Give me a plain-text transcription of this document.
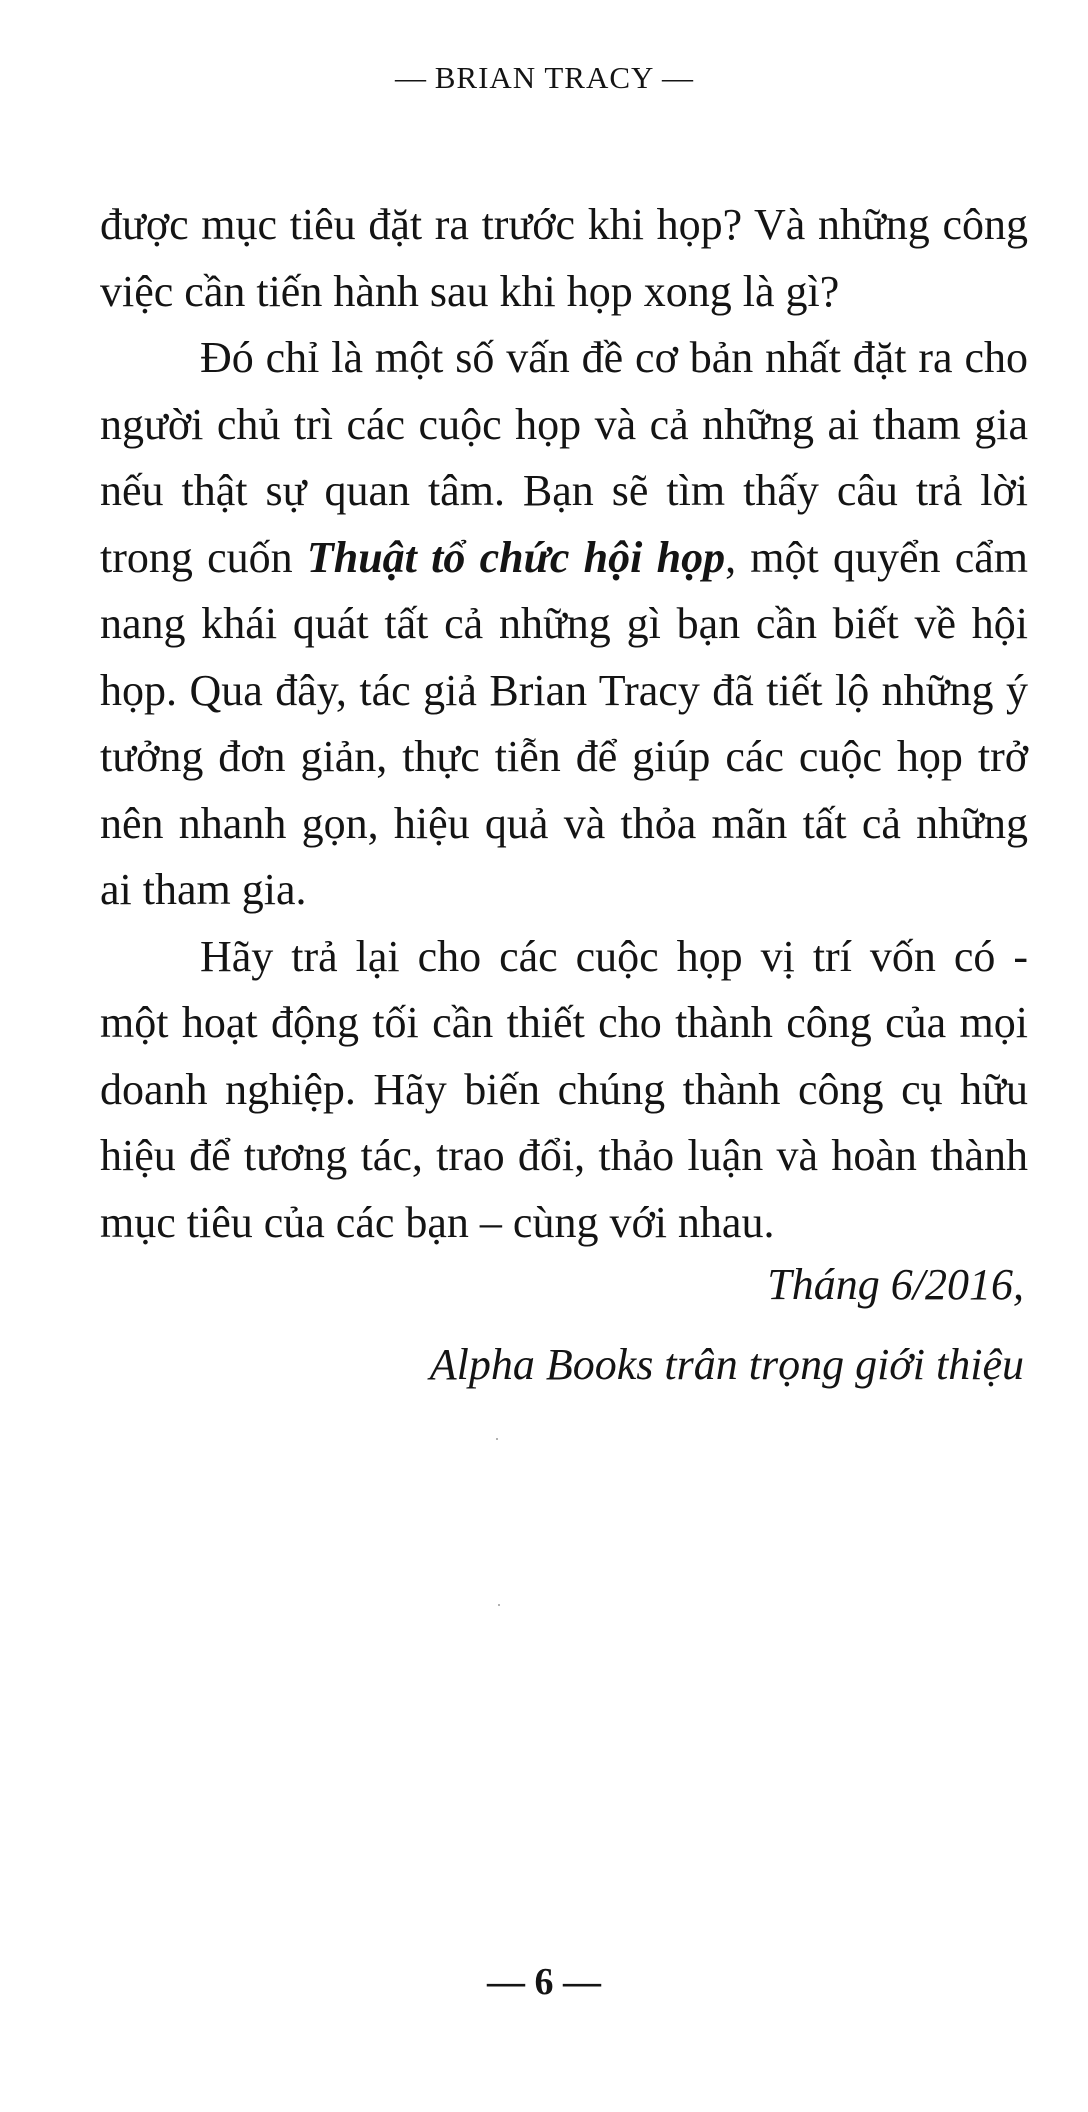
— BRIAN TRACY —

được mục tiêu đặt ra trước khi họp? Và những công việc cần tiến hành sau khi họp xong là gì?

Đó chỉ là một số vấn đề cơ bản nhất đặt ra cho người chủ trì các cuộc họp và cả những ai tham gia nếu thật sự quan tâm. Bạn sẽ tìm thấy câu trả lời trong cuốn Thuật tổ chức hội họp, một quyển cẩm nang khái quát tất cả những gì bạn cần biết về hội họp. Qua đây, tác giả Brian Tracy đã tiết lộ những ý tưởng đơn giản, thực tiễn để giúp các cuộc họp trở nên nhanh gọn, hiệu quả và thỏa mãn tất cả những ai tham gia.

Hãy trả lại cho các cuộc họp vị trí vốn có - một hoạt động tối cần thiết cho thành công của mọi doanh nghiệp. Hãy biến chúng thành công cụ hữu hiệu để tương tác, trao đổi, thảo luận và hoàn thành mục tiêu của các bạn – cùng với nhau.

Tháng 6/2016,
Alpha Books trân trọng giới thiệu
— 6 —
